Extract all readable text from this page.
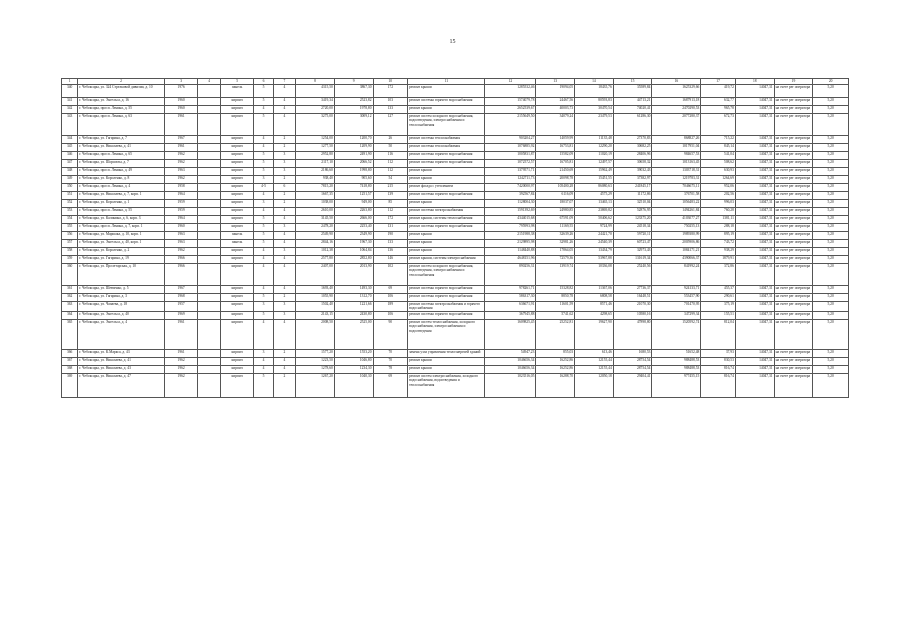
15
1	2	3	4	5	6	7	8	9	10	11	12	13	14	15	16	17	18	19	20
340	г. Чебоксары, ул. 324 Стрелковой дивизии, д. 10	1976		панель	5	4	4315,50	3867,30	172	ремонт крыши	1285532,46	19094,05	18435,76	35589,84	1625329,66	419,72	14047,31	на счете рег оператора	5,20
341	г. Чебоксары, ул. Энгельса, д. 16	1960		кирпич	5	4	3419,34	2523,82	103	ремонт системы горячего водоснабжения	1574079,78	24467,56	80593,83	44713,21	1687913,18	632,77	14047,31	на счете рег оператора	5,20
342	г. Чебоксары, просп. Ленина, д. 55	1960		кирпич	4	4	2720,00	1978,80	133	ремонт крыши	2652539,67	40003,73	30470,54	74020,41	2470290,53	965,78	14047,31	на счете рег оператора	5,20
343	г. Чебоксары, просп. Ленина, д. 63	1961		кирпич	5	4	3275,00	3009,12	127	ремонт систем холодного водоснабжения, водоотведения, электроснабжения и теплоснабжения	2155649,50	34079,24	23479,53	61286,30	2077280,37	672,73	14047,31	на счете рег оператора	5,20
344	г. Чебоксары, ул. Гагарина, д. 7	1967		кирпич	4	2	1254,00	1200,70	26	ремонт системы теплоснабжения	903204,27	14059,99	11135,48	27370,83	868827,26	715,22	14047,31	на счете рег оператора	5,20
345	г. Чебоксары, ул. Николаева, д. 41	1961		кирпич	4	2	1277,50	1209,90	50	ремонт системы теплоснабжения	1076885,92	16753,81	12290,20	30682,25	1017951,04	845,14	14047,31	на счете рег оператора	5,20
346	г. Чебоксары, просп. Ленина, д. 65	1962		кирпич	5	3	2952,80	2491,90	116	ремонт системы горячего водоснабжения	1005831,87	15582,09	11020,19	28406,96	984657,53	541,04	14047,31	на счете рег оператора	5,20
347	г. Чебоксары, ул. Шоршелы, д. 7	1962		кирпич	5	3	2117,10	2066,52	112	ремонт системы горячего водоснабжения	1072572,57	16705,81	12497,57	30658,32	1013163,45	508,62	14047,31	на счете рег оператора	5,20
348	г. Чебоксары, просп. Ленина, д. 49	1963		кирпич	5	3	2186,60	1998,80	112	ремонт крыши	1379571,71	21450,69	15962,49	39032,43	1303718,31	630,93	14047,31	на счете рег оператора	5,20
349	г. Чебоксары, ул. Короленко, д. 8	1962		кирпич	3	2	938,40	905,60	54	ремонт крыши	1242711,73	20098,78	15451,55	37382,97	1219783,31	1264,69	14047,31	на счете рег оператора	5,20
350	г. Чебоксары, просп. Ленина, д. 4	1958		кирпич	4-5	6	7815,20	7418,80	215	ремонт фасада с утеплением	7420000,97	105400,28	86080,63	241845,17	7046675,11	952,06	14047,31	на счете рег оператора	5,20
351	г. Чебоксары, ул. Николаева, д. 7, корп. 1	1964		кирпич	4	2	1667,35	1251,57	139	ремонт системы горячего водоснабжения	392567,84	6116,09	4575,29	11172,86	376701,58	202,56	14047,31	на счете рег оператора	5,20
352	г. Чебоксары, ул. Короленко, д. 1	1959		кирпич	3	2	1038,00	949,00	85	ремонт крыши	1128004,30	18037,07	13465,13	32510,04	1056483,22	996,03	14047,31	на счете рег оператора	5,20
353	г. Чебоксары, просп. Ленина, д. 55	1959		кирпич	4	4	2610,00	2263,80	112	ремонт системы электроснабжения	1591392,69	24980,85	23869,82	52876,95	1494261,84	760,28	14047,31	на счете рег оператора	5,20
354	г. Чебоксары, ул. Калинина, д. 6, корп. 3	1964		кирпич	5	4	3145,50	2666,00	172	ремонт крыши, системы теплоснабжения	4344015,68	67591,09	50406,62	123375,20	4103077,27	1381,11	14047,31	на счете рег оператора	5,20
355	г. Чебоксары, просп. Ленина, д. 7, корп. 1	1960		кирпич	5	3	2478,20	2253,40	131	ремонт системы горячего водоснабжения	795993,98	11169,55	9724,99	24518,34	750255,13	288,18	14047,31	на счете рег оператора	5,20
356	г. Чебоксары, ул. Маршака, д. 10, корп. 1	1963		панель	5	4	2549,90	2349,90	190	ремонт крыши	2151988,38	32639,26	24421,70	59720,11	1989380,99	895,19	14047,31	на счете рег оператора	5,20
357	г. Чебоксары, ул. Энгельса, д. 40, корп. 1	1963		панель	5	4	2844,16	1967,30	133	ремонт крыши	2129895,98	32981,26	24540,39	60723,47	2005906,86	743,72	14047,31	на счете рег оператора	5,20
358	г. Чебоксары, ул. Короленко, д. 2	1962		кирпич	4	3	1012,38	1064,84	136	ремонт крыши	1148440,88	17864,05	13434,79	32973,43	1084171,21	938,29	14047,31	на счете рег оператора	5,20
359	г. Чебоксары, ул. Гагарина, д. 19	1966		кирпич	4	4	2577,80	2852,80	146	ремонт крыши, системы электроснабжения	4648151,96	72579,36	53967,88	131619,34	4390066,37	1879,91	14047,31	на счете рег оператора	5,20
360	г. Чебоксары, ул. Пролетарская, д. 10	1966		кирпич	4	4	2407,00	2013,90	102	ремонт систем холодного водоснабжения, водоотведения, электроснабжения и теплоснабжения	890256,31	13919,74	10336,08	25240,56	841992,24	372,86	14047,31	на счете рег оператора	5,20
361	г. Чебоксары, ул. Шевченко, д. 5	1967		кирпич	4	4	1693,40	1493,30	69	ремонт системы горячего водоснабжения	978261,71	15328,82	11367,06	27736,37	924133,71	455,37	14047,31	на счете рег оператора	5,20
362	г. Чебоксары, ул. Гагарина, д. 3	1968		кирпич	5	2	1055,90	1312,70	106	ремонт системы горячего водоснабжения	586317,30	8850,78	6808,58	16448,51	553457,90	290,61	14047,31	на счете рег оператора	5,20
363	г. Чебоксары, ул. Чапаева, д. 18	1957		кирпич	3	3	1502,40	1221,66	189	ремонт системы электроснабжения и горячего водоснабжения	636671,91	11601,59	8571,46	21070,30	701470,95	375,19	14047,31	на счете рег оператора	5,20
364	г. Чебоксары, ул. Энгельса, д. 40	1969		кирпич	5	3	2143,15	2430,80	106	ремонт системы горячего водоснабжения	367945,88	5741,62	4298,65	10580,16	347299,34	155,51	14047,31	на счете рег оператора	5,20
365	г. Чебоксары, ул. Энгельса, д. 4	1961		кирпич	4	4	2008,50	2525,00	90	ремонт систем теплоснабжения, холодного водоснабжения, электроснабжения и водоотведения	1609825,45	25252,81	19627,90	47898,80	1520592,74	812,04	14047,31	на счете рег оператора	5,20
366	г. Чебоксары, ул. К.Маркса, д. 43	1961		кирпич	3	2	1577,20	1553,20	70	замена узла управления теплоэнергией зданий	54947,23	855,03	613,46	1680,53	51652,48	37,93	14047,31	на счете рег оператора	5,20
367	г. Чебоксары, ул. Николаева, д. 41	1962		кирпич	4	4	1223,50	1046,80	70	ремонт крыши	1046656,34	16252,86	12155,44	28754,54	988488,53	830,53	14047,31	на счете рег оператора	5,20
368	г. Чебоксары, ул. Николаева, д. 43	1962		кирпич	4	4	1278,60	1234,30	78	ремонт крыши	1046656,34	16252,86	12155,44	28754,54	988488,53	816,74	14047,31	на счете рег оператора	5,20
369	г. Чебоксары, ул. Николаева, д. 47	1962		кирпич	5	2	1267,20	1040,30	69	ремонт систем электроснабжения, холодного водоснабжения, водоотведения и теплоснабжения	1023516,05	16288,70	12050,18	29404,41	977455,15	816,74	14047,31	на счете рег оператора	5,20
